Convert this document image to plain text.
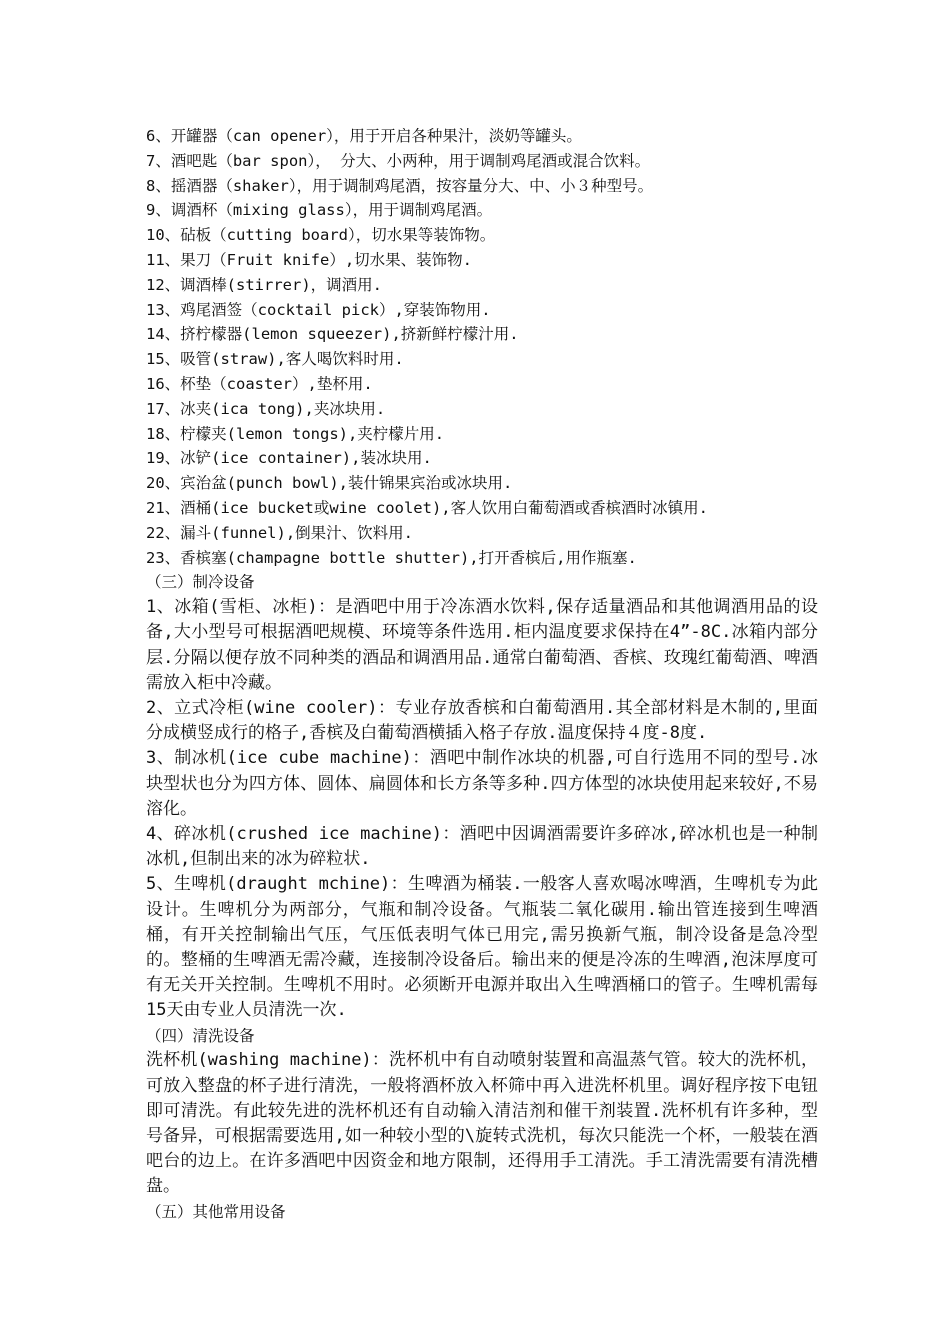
6、开罐器（can opener），用于开启各种果汁，淡奶等罐头。
7、酒吧匙（bar spon）， 分大、小两种，用于调制鸡尾酒或混合饮料。
8、摇酒器（shaker），用于调制鸡尾酒，按容量分大、中、小３种型号。
9、调酒杯（mixing glass），用于调制鸡尾酒。
10、砧板（cutting board），切水果等装饰物。
11、果刀（Fruit knife）,切水果、装饰物.
12、调酒棒(stirrer)，调酒用.
13、鸡尾酒签（cocktail pick）,穿装饰物用.
14、挤柠檬器(lemon squeezer),挤新鲜柠檬汁用.
15、吸管(straw),客人喝饮料时用.
16、杯垫（coaster）,垫杯用.
17、冰夹(ica tong),夹冰块用.
18、柠檬夹(lemon tongs),夹柠檬片用.
19、冰铲(ice container),装冰块用.
20、宾治盆(punch bowl),装什锦果宾治或冰块用.
21、酒桶(ice bucket或wine coolet),客人饮用白葡萄酒或香槟酒时冰镇用.
22、漏斗(funnel),倒果汁、饮料用.
23、香槟塞(champagne bottle shutter),打开香槟后,用作瓶塞.
（三）制冷设备
1、冰箱(雪柜、冰柜)：是酒吧中用于冷冻酒水饮料,保存适量酒品和其他调酒用品的设备,大小型号可根据酒吧规模、环境等条件选用.柜内温度要求保持在4”-8C.冰箱内部分层.分隔以便存放不同种类的酒品和调酒用品.通常白葡萄酒、香槟、玫瑰红葡萄酒、啤酒需放入柜中冷藏。
2、立式冷柜(wine cooler)：专业存放香槟和白葡萄酒用.其全部材料是木制的,里面分成横竖成行的格子,香槟及白葡萄酒横插入格子存放.温度保持４度-8度.
3、制冰机(ice cube machine)：酒吧中制作冰块的机器,可自行选用不同的型号.冰块型状也分为四方体、圆体、扁圆体和长方条等多种.四方体型的冰块使用起来较好,不易溶化。
4、碎冰机(crushed ice machine)：酒吧中因调酒需要许多碎冰,碎冰机也是一种制冰机,但制出来的冰为碎粒状.
5、生啤机(draught mchine)：生啤酒为桶装.一般客人喜欢喝冰啤酒，生啤机专为此设计。生啤机分为两部分，气瓶和制冷设备。气瓶装二氧化碳用.输出管连接到生啤酒桶，有开关控制输出气压，气压低表明气体已用完,需另换新气瓶，制冷设备是急冷型的。整桶的生啤酒无需冷藏，连接制冷设备后。输出来的便是冷冻的生啤酒,泡沫厚度可有无关开关控制。生啤机不用时。必须断开电源并取出入生啤酒桶口的管子。生啤机需每15天由专业人员清洗一次.
（四）清洗设备
洗杯机(washing machine)：洗杯机中有自动喷射装置和高温蒸气管。较大的洗杯机，可放入整盘的杯子进行清洗，一般将酒杯放入杯筛中再入进洗杯机里。调好程序按下电钮即可清洗。有此较先进的洗杯机还有自动输入清洁剂和催干剂装置.洗杯机有许多种，型号备异，可根据需要选用,如一种较小型的\旋转式洗机，每次只能洗一个杯，一般装在酒吧台的边上。在许多酒吧中因资金和地方限制，还得用手工清洗。手工清洗需要有清洗槽盘。
（五）其他常用设备
